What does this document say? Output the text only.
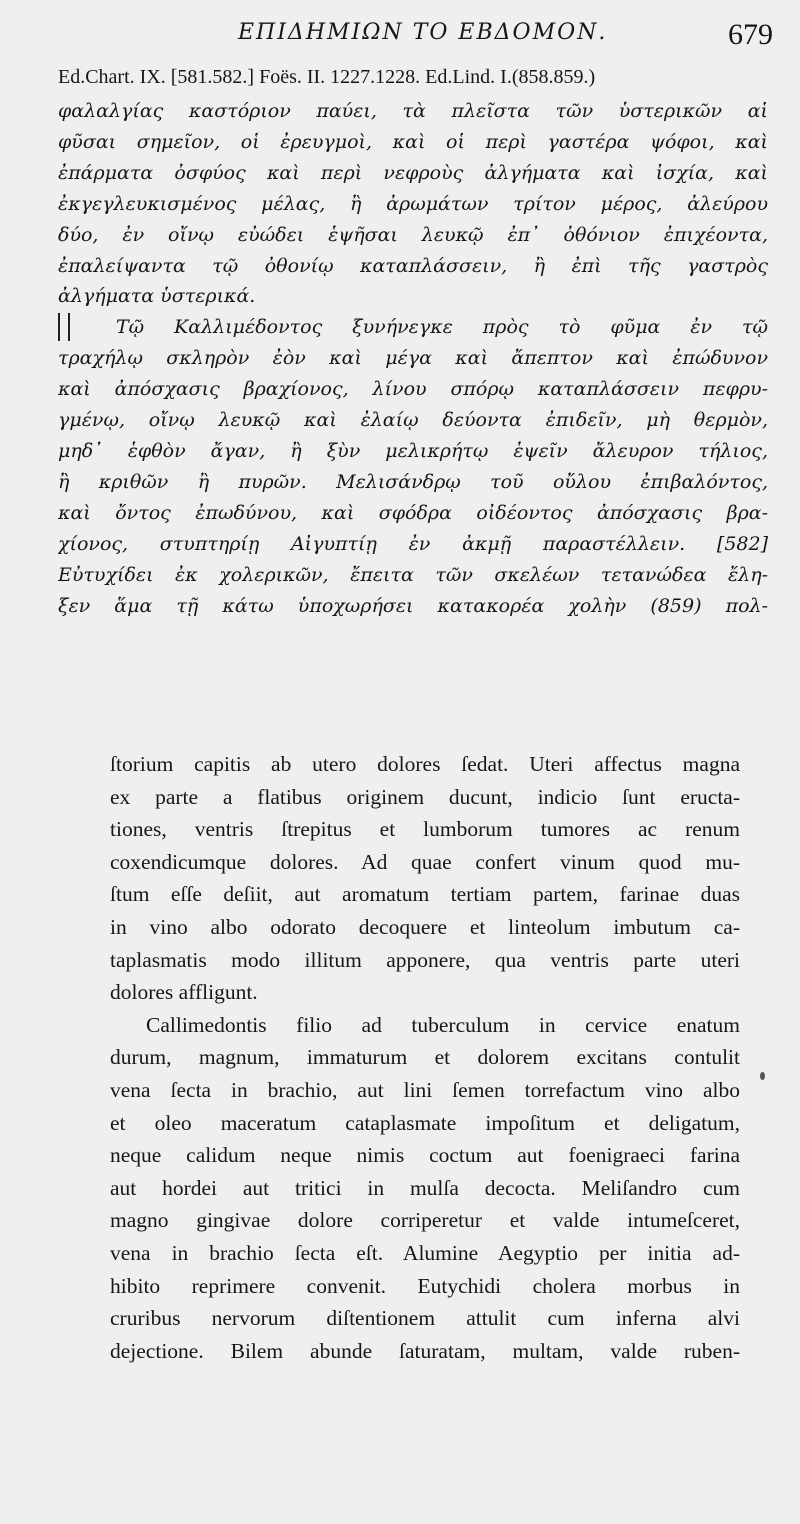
ΕΠΙΔΗΜΙΩΝ ΤΟ ΕΒΔΟΜΟΝ.	679
Ed.Chart. IX. [581.582.] Foës. II. 1227.1228. Ed.Lind. I.(858.859.)
φαλαλγίας καστόριον παύει, τὰ πλεῖστα τῶν ὑστερικῶν αἱ
φῦσαι σημεῖον, οἱ ἐρευγμοὶ, καὶ οἱ περὶ γαστέρα ψόφοι, καὶ
ἐπάρματα ὀσφύος καὶ περὶ νεφροὺς ἀλγήματα καὶ ἰσχία, καὶ
ἐκγεγλευκισμένος μέλας, ἢ ἀρωμάτων τρίτον μέρος, ἀλεύρου
δύο, ἐν οἴνῳ εὐώδει ἑψῆσαι λευκῷ ἐπ᾽ ὀθόνιον ἐπιχέοντα,
ἐπαλείψαντα τῷ ὀθονίῳ καταπλάσσειν, ἢ ἐπὶ τῆς γαστρὸς
ἀλγήματα ὑστερικά.
Τῷ Καλλιμέδοντος ξυνήνεγκε πρὸς τὸ φῦμα ἐν τῷ
τραχήλῳ σκληρὸν ἐὸν καὶ μέγα καὶ ἄπεπτον καὶ ἐπώδυνον
καὶ ἀπόσχασις βραχίονος, λίνου σπόρῳ καταπλάσσειν πεφρυ-
γμένῳ, οἴνῳ λευκῷ καὶ ἐλαίῳ δεύοντα ἐπιδεῖν, μὴ θερμὸν,
μηδ᾽ ἑφθὸν ἄγαν, ἢ ξὺν μελικρήτῳ ἑψεῖν ἄλευρον τήλιος,
ἢ κριθῶν ἢ πυρῶν. Μελισάνδρῳ τοῦ οὔλου ἐπιβαλόντος,
καὶ ὄντος ἐπωδύνου, καὶ σφόδρα οἰδέοντος ἀπόσχασις βρα-
χίονος, στυπτηρίῃ Αἰγυπτίῃ ἐν ἀκμῇ παραστέλλειν. [582]
Εὐτυχίδει ἐκ χολερικῶν, ἔπειτα τῶν σκελέων τετανώδεα ἔλη-
ξεν ἅμα τῇ κάτω ὑποχωρήσει κατακορέα χολὴν (859) πολ-
ſtorium capitis ab utero dolores ſedat. Uteri affectus magna
ex parte a flatibus originem ducunt, indicio ſunt eructa-
tiones, ventris ſtrepitus et lumborum tumores ac renum
coxendicumque dolores. Ad quae confert vinum quod mu-
ſtum eſſe deſiit, aut aromatum tertiam partem, farinae duas
in vino albo odorato decoquere et linteolum imbutum ca-
taplasmatis modo illitum apponere, qua ventris parte uteri
dolores affligunt.
Callimedontis filio ad tuberculum in cervice enatum
durum, magnum, immaturum et dolorem excitans contulit
vena ſecta in brachio, aut lini ſemen torrefactum vino albo
et oleo maceratum cataplasmate impoſitum et deligatum,
neque calidum neque nimis coctum aut foenigraeci farina
aut hordei aut tritici in mulſa decocta. Meliſandro cum
magno gingivae dolore corriperetur et valde intumeſceret,
vena in brachio ſecta eſt. Alumine Aegyptio per initia ad-
hibito reprimere convenit. Eutychidi cholera morbus in
cruribus nervorum diſtentionem attulit cum inferna alvi
dejectione. Bilem abunde ſaturatam, multam, valde ruben-
